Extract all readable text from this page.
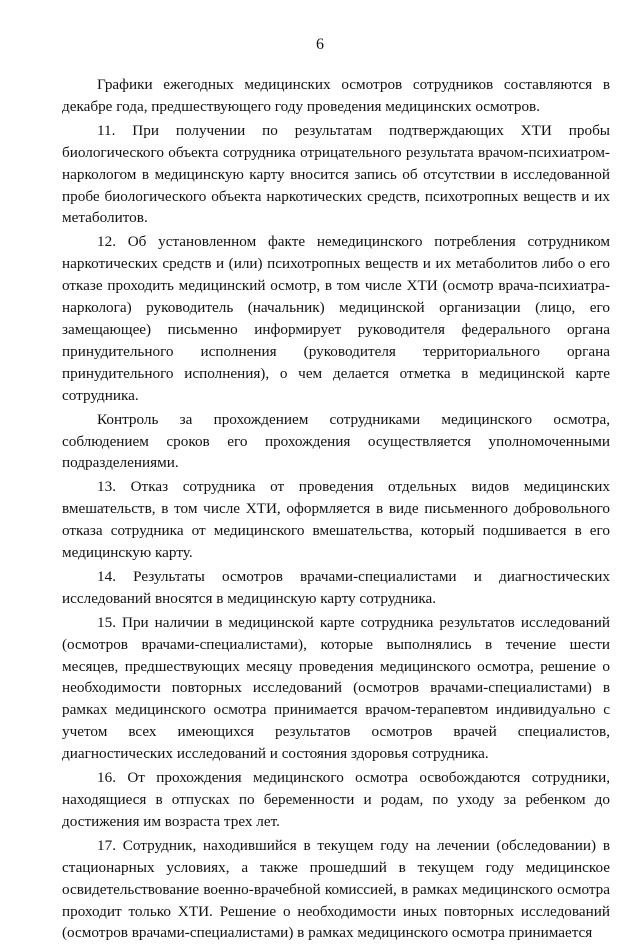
6

Графики ежегодных медицинских осмотров сотрудников составляются в декабре года, предшествующего году проведения медицинских осмотров.

11. При получении по результатам подтверждающих ХТИ пробы биологического объекта сотрудника отрицательного результата врачом-психиатром-наркологом в медицинскую карту вносится запись об отсутствии в исследованной пробе биологического объекта наркотических средств, психотропных веществ и их метаболитов.

12. Об установленном факте немедицинского потребления сотрудником наркотических средств и (или) психотропных веществ и их метаболитов либо о его отказе проходить медицинский осмотр, в том числе ХТИ (осмотр врача-психиатра-нарколога) руководитель (начальник) медицинской организации (лицо, его замещающее) письменно информирует руководителя федерального органа принудительного исполнения (руководителя территориального органа принудительного исполнения), о чем делается отметка в медицинской карте сотрудника.

Контроль за прохождением сотрудниками медицинского осмотра, соблюдением сроков его прохождения осуществляется уполномоченными подразделениями.

13. Отказ сотрудника от проведения отдельных видов медицинских вмешательств, в том числе ХТИ, оформляется в виде письменного добровольного отказа сотрудника от медицинского вмешательства, который подшивается в его медицинскую карту.

14. Результаты осмотров врачами-специалистами и диагностических исследований вносятся в медицинскую карту сотрудника.

15. При наличии в медицинской карте сотрудника результатов исследований (осмотров врачами-специалистами), которые выполнялись в течение шести месяцев, предшествующих месяцу проведения медицинского осмотра, решение о необходимости повторных исследований (осмотров врачами-специалистами) в рамках медицинского осмотра принимается врачом-терапевтом индивидуально с учетом всех имеющихся результатов осмотров врачей специалистов, диагностических исследований и состояния здоровья сотрудника.

16. От прохождения медицинского осмотра освобождаются сотрудники, находящиеся в отпусках по беременности и родам, по уходу за ребенком до достижения им возраста трех лет.

17. Сотрудник, находившийся в текущем году на лечении (обследовании) в стационарных условиях, а также прошедший в текущем году медицинское освидетельствование военно-врачебной комиссией, в рамках медицинского осмотра проходит только ХТИ. Решение о необходимости иных повторных исследований (осмотров врачами-специалистами) в рамках медицинского осмотра принимается
